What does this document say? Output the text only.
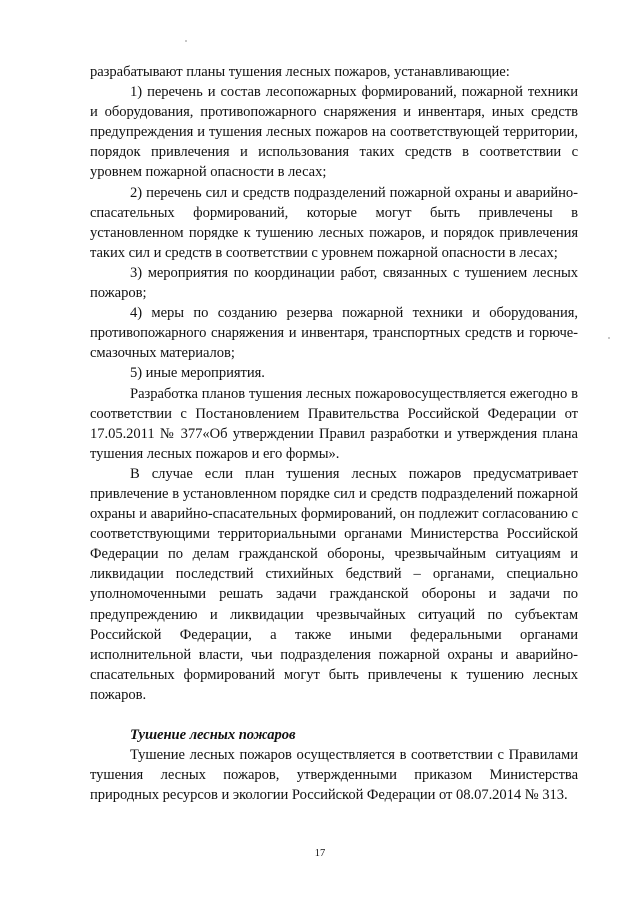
разрабатывают планы тушения лесных пожаров, устанавливающие:

1) перечень и состав лесопожарных формирований, пожарной техники и оборудования, противопожарного снаряжения и инвентаря, иных средств предупреждения и тушения лесных пожаров на соответствующей территории, порядок привлечения и использования таких средств в соответствии с уровнем пожарной опасности в лесах;

2) перечень сил и средств подразделений пожарной охраны и аварийно-спасательных формирований, которые могут быть привлечены в установленном порядке к тушению лесных пожаров, и порядок привлечения таких сил и средств в соответствии с уровнем пожарной опасности в лесах;

3) мероприятия по координации работ, связанных с тушением лесных пожаров;

4) меры по созданию резерва пожарной техники и оборудования, противопожарного снаряжения и инвентаря, транспортных средств и горюче-смазочных материалов;

5) иные мероприятия.

Разработка планов тушения лесных пожаровосуществляется ежегодно в соответствии с Постановлением Правительства Российской Федерации от 17.05.2011 № 377«Об утверждении Правил разработки и утверждения плана тушения лесных пожаров и его формы».

В случае если план тушения лесных пожаров предусматривает привлечение в установленном порядке сил и средств подразделений пожарной охраны и аварийно-спасательных формирований, он подлежит согласованию с соответствующими территориальными органами Министерства Российской Федерации по делам гражданской обороны, чрезвычайным ситуациям и ликвидации последствий стихийных бедствий – органами, специально уполномоченными решать задачи гражданской обороны и задачи по предупреждению и ликвидации чрезвычайных ситуаций по субъектам Российской Федерации, а также иными федеральными органами исполнительной власти, чьи подразделения пожарной охраны и аварийно-спасательных формирований могут быть привлечены к тушению лесных пожаров.

Тушение лесных пожаров

Тушение лесных пожаров осуществляется в соответствии с Правилами тушения лесных пожаров, утвержденными приказом Министерства природных ресурсов и экологии Российской Федерации от 08.07.2014 № 313.

17
